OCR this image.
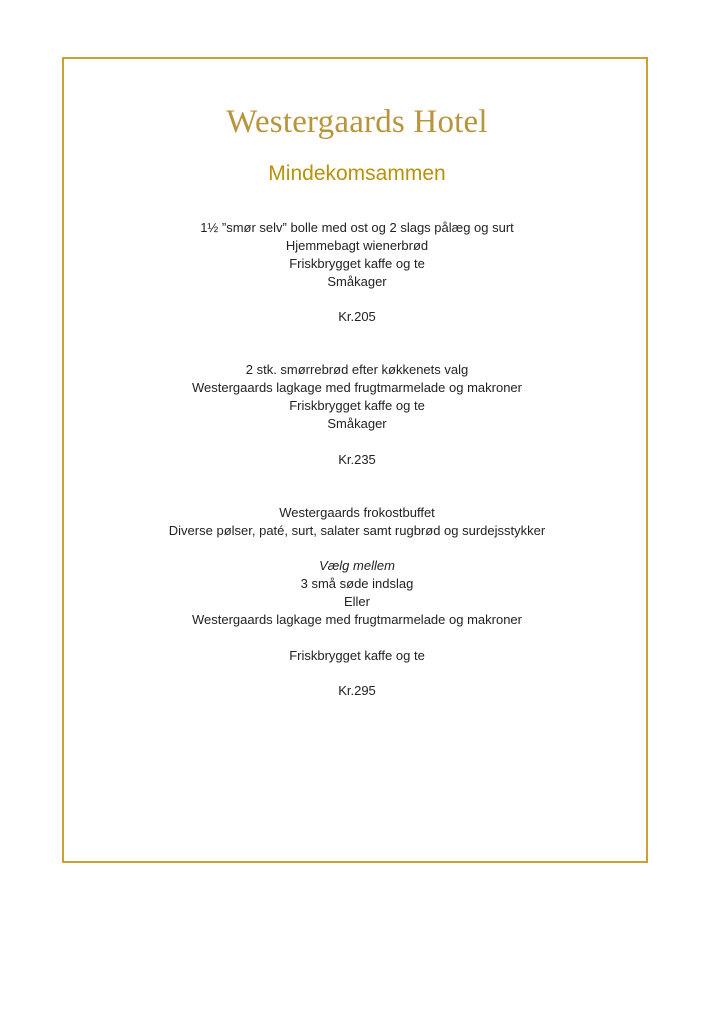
Westergaards Hotel
Mindekomsammen
1½ ”smør selv” bolle med ost og 2 slags pålæg og surt
Hjemmebagt wienerbrød
Friskbrygget kaffe og te
Småkager
Kr.205
2 stk. smørrebrød efter køkkenets valg
Westergaards lagkage med frugtmarmelade og makroner
Friskbrygget kaffe og te
Småkager
Kr.235
Westergaards frokostbuffet
Diverse pølser, paté, surt, salater samt rugbrød og surdejsstykker
Vælg mellem
3 små søde indslag
Eller
Westergaards lagkage med frugtmarmelade og makroner
Friskbrygget kaffe og te
Kr.295
